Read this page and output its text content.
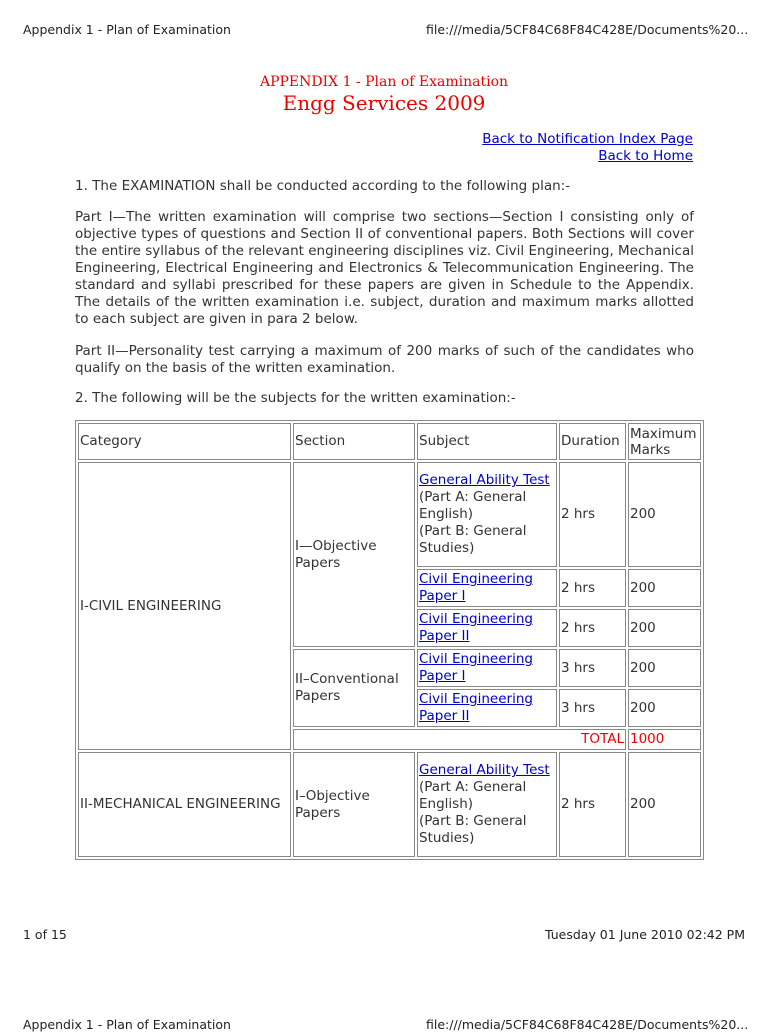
Appendix 1 - Plan of Examination	file:///media/5CF84C68F84C428E/Documents%20...
APPENDIX 1 - Plan of Examination
Engg Services 2009
Back to Notification Index Page
Back to Home

1. The EXAMINATION shall be conducted according to the following plan:-

Part I—The written examination will comprise two sections—Section I consisting only of objective types of questions and Section II of conventional papers. Both Sections will cover the entire syllabus of the relevant engineering disciplines viz. Civil Engineering, Mechanical Engineering, Electrical Engineering and Electronics & Telecommunication Engineering. The standard and syllabi prescribed for these papers are given in Schedule to the Appendix. The details of the written examination i.e. subject, duration and maximum marks allotted to each subject are given in para 2 below.

Part II—Personality test carrying a maximum of 200 marks of such of the candidates who qualify on the basis of the written examination.

2. The following will be the subjects for the written examination:-

Category	Section	Subject	Duration	Maximum Marks
I-CIVIL ENGINEERING	I—Objective Papers	General Ability Test
(Part A: General English)
(Part B: General Studies)	2 hrs	200
		Civil Engineering Paper I	2 hrs	200
		Civil Engineering Paper II	2 hrs	200
	II–Conventional Papers	Civil Engineering Paper I	3 hrs	200
		Civil Engineering Paper II	3 hrs	200
	TOTAL			1000
II-MECHANICAL ENGINEERING	I–Objective Papers	General Ability Test
(Part A: General English)
(Part B: General Studies)	2 hrs	200
1 of 15	Tuesday 01 June 2010 02:42 PM
Appendix 1 - Plan of Examination	file:///media/5CF84C68F84C428E/Documents%20...
